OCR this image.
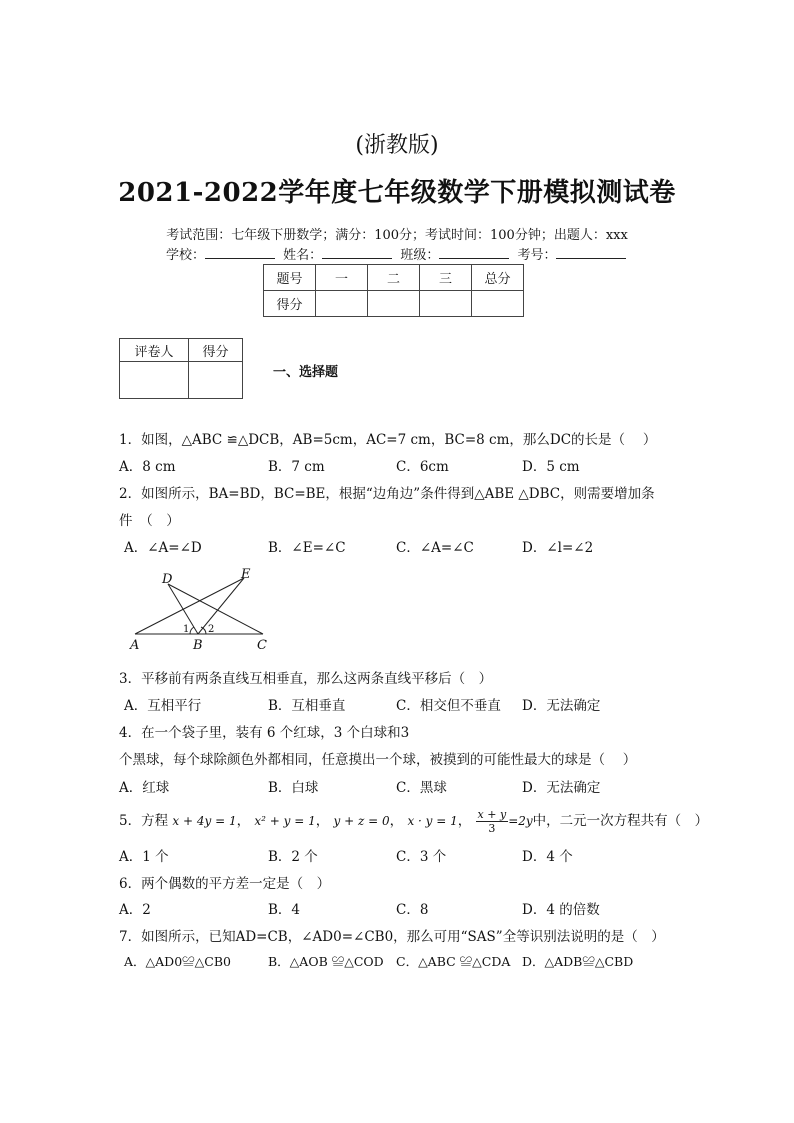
(浙教版)
2021-2022学年度七年级数学下册模拟测试卷
考试范围：七年级下册数学；满分：100分；考试时间：100分钟；出题人：xxx
学校：	姓名：	班级：	考号：
题号	一	二	三	总分
得分				
评卷人	得分

一、选择题
1．如图，△ABC ≌△DCB，AB=5cm，AC=7 cm，BC=8 cm，那么DC的长是（　 ）
A．8 cm	B．7 cm	C．6cm	D．5 cm
2．如图所示，BA=BD，BC=BE，根据“边角边”条件得到△ABE △DBC，则需要增加条
件　（　）
A．∠A=∠D	B．∠E=∠C	C．∠A=∠C	D．∠l=∠2
D	E
A	B	C
1 2
3．平移前有两条直线互相垂直，那么这两条直线平移后（　）
A．互相平行	B．互相垂直	C．相交但不垂直 D．无法确定
4．在一个袋子里，装有 6 个红球，3 个白球和3
个黑球，每个球除颜色外都相同，任意摸出一个球，被摸到的可能性最大的球是（　 ）
A．红球	B．白球	C．黑球	D．无法确定
5．方程 x + 4y = 1， x² + y = 1， y + z = 0， x · y = 1， $\frac{x + y}{3} =2y$中，二元一次方程共有（　）
A．1 个	B．2 个	C．3 个	D．4 个
6．两个偶数的平方差一定是（　）
A．2	B．4	C．8	D．4 的倍数
7．如图所示，已知AD=CB，∠AD0=∠CB0，那么可用“SAS”全等识别法说明的是（　）
A．△AD0≌△CB0	B．△AOB ≌△COD C．△ABC ≌△CDA D．△ADB≌△CBD
